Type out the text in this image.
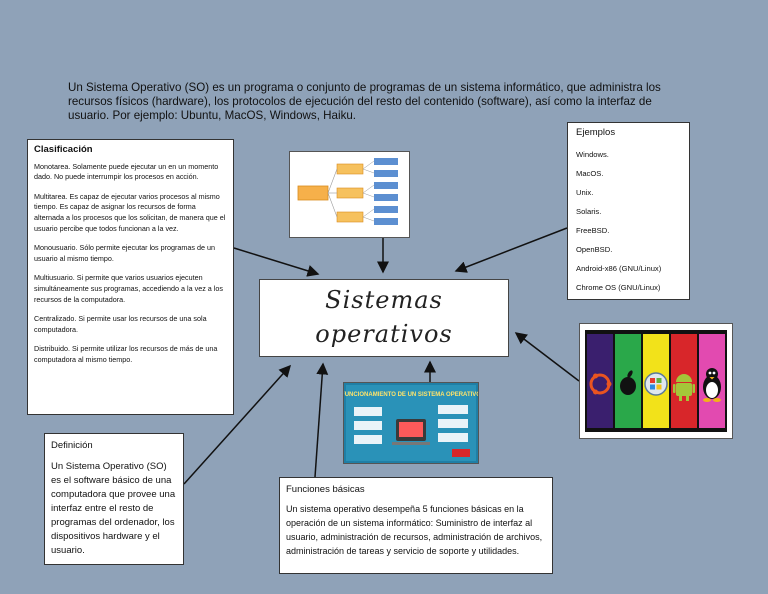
Un Sistema Operativo (SO) es un programa o conjunto de programas de un sistema informático, que administra los recursos físicos (hardware), los protocolos de ejecución del resto del contenido (software), así como la interfaz de usuario. Por ejemplo: Ubuntu, MacOS, Windows, Haiku.
Clasificación

Monotarea. Solamente puede ejecutar un en un momento dado. No puede interrumpir los procesos en acción.

Multitarea. Es capaz de ejecutar varios procesos al mismo tiempo. Es capaz de asignar los recursos de forma alternada a los procesos que los solicitan, de manera que el usuario percibe que todos funcionan a la vez.

Monousuario. Sólo permite ejecutar los programas de un usuario al mismo tiempo.

Multiusuario. Si permite que varios usuarios ejecuten simultáneamente sus programas, accediendo a la vez a los recursos de la computadora.

Centralizado. Si permite usar los recursos de una sola computadora.

Distribuido. Si permite utilizar los recursos de más de una computadora al mismo tiempo.

Ejemplos
Windows.
MacOS.
Unix.
Solaris.
FreeBSD.
OpenBSD.
Android-x86 (GNU/Linux)
Chrome OS (GNU/Linux)
Sistemas
operativos
Definición
Un Sistema Operativo (SO) es el software básico de una computadora que provee una interfaz entre el resto de programas del ordenador, los dispositivos hardware y el usuario.
Funciones básicas
Un sistema operativo desempeña 5 funciones básicas en la operación de un sistema informático: Suministro de interfaz al usuario, administración de recursos, administración de archivos, administración de tareas y servicio de soporte y utilidades.
FUNCIONAMIENTO DE UN SISTEMA OPERATIVO
